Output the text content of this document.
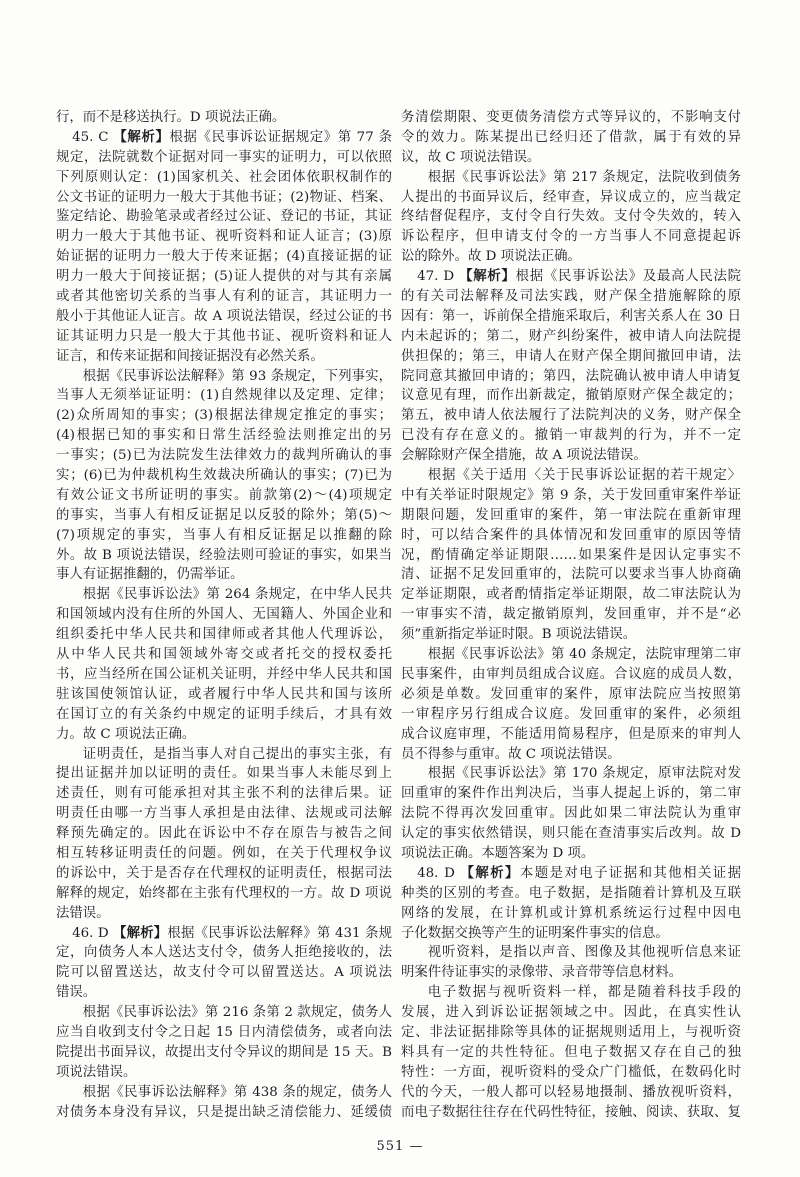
行，而不是移送执行。D 项说法正确。
45. C 【解析】根据《民事诉讼证据规定》第 77 条
规定，法院就数个证据对同一事实的证明力，可以依照
下列原则认定：(1)国家机关、社会团体依职权制作的
公文书证的证明力一般大于其他书证；(2)物证、档案、
鉴定结论、勘验笔录或者经过公证、登记的书证，其证
明力一般大于其他书证、视听资料和证人证言；(3)原
始证据的证明力一般大于传来证据；(4)直接证据的证
明力一般大于间接证据；(5)证人提供的对与其有亲属
或者其他密切关系的当事人有利的证言，其证明力一
般小于其他证人证言。故 A 项说法错误，经过公证的书
证其证明力只是一般大于其他书证、视听资料和证人
证言，和传来证据和间接证据没有必然关系。
根据《民事诉讼法解释》第 93 条规定，下列事实，
当事人无须举证证明：(1)自然规律以及定理、定律；
(2)众所周知的事实；(3)根据法律规定推定的事实；
(4)根据已知的事实和日常生活经验法则推定出的另
一事实；(5)已为法院发生法律效力的裁判所确认的事
实；(6)已为仲裁机构生效裁决所确认的事实；(7)已为
有效公证文书所证明的事实。前款第(2)～(4)项规定
的事实，当事人有相反证据足以反驳的除外；第(5)～
(7)项规定的事实，当事人有相反证据足以推翻的除
外。故 B 项说法错误，经验法则可验证的事实，如果当
事人有证据推翻的，仍需举证。
根据《民事诉讼法》第 264 条规定，在中华人民共
和国领域内没有住所的外国人、无国籍人、外国企业和
组织委托中华人民共和国律师或者其他人代理诉讼，
从中华人民共和国领域外寄交或者托交的授权委托
书，应当经所在国公证机关证明，并经中华人民共和国
驻该国使领馆认证，或者履行中华人民共和国与该所
在国订立的有关条约中规定的证明手续后，才具有效
力。故 C 项说法正确。
证明责任，是指当事人对自己提出的事实主张，有
提出证据并加以证明的责任。如果当事人未能尽到上
述责任，则有可能承担对其主张不利的法律后果。证
明责任由哪一方当事人承担是由法律、法规或司法解
释预先确定的。因此在诉讼中不存在原告与被告之间
相互转移证明责任的问题。例如，在关于代理权争议
的诉讼中，关于是否存在代理权的证明责任，根据司法
解释的规定，始终都在主张有代理权的一方。故 D 项说
法错误。
46. D 【解析】根据《民事诉讼法解释》第 431 条规
定，向债务人本人送达支付令，债务人拒绝接收的，法
院可以留置送达，故支付令可以留置送达。A 项说法
错误。
根据《民事诉讼法》第 216 条第 2 款规定，债务人
应当自收到支付令之日起 15 日内清偿债务，或者向法
院提出书面异议，故提出支付令异议的期间是 15 天。B
项说法错误。
根据《民事诉讼法解释》第 438 条的规定，债务人
对债务本身没有异议，只是提出缺乏清偿能力、延缓债
务清偿期限、变更债务清偿方式等异议的，不影响支付
令的效力。陈某提出已经归还了借款，属于有效的异
议，故 C 项说法错误。
根据《民事诉讼法》第 217 条规定，法院收到债务
人提出的书面异议后，经审查，异议成立的，应当裁定
终结督促程序，支付令自行失效。支付令失效的，转入
诉讼程序，但申请支付令的一方当事人不同意提起诉
讼的除外。故 D 项说法正确。
47. D 【解析】根据《民事诉讼法》及最高人民法院
的有关司法解释及司法实践，财产保全措施解除的原
因有：第一，诉前保全措施采取后，利害关系人在 30 日
内未起诉的；第二，财产纠纷案件，被申请人向法院提
供担保的；第三，申请人在财产保全期间撤回申请，法
院同意其撤回申请的；第四，法院确认被申请人申请复
议意见有理，而作出新裁定，撤销原财产保全裁定的；
第五，被申请人依法履行了法院判决的义务，财产保全
已没有存在意义的。撤销一审裁判的行为，并不一定
会解除财产保全措施，故 A 项说法错误。
根据《关于适用〈关于民事诉讼证据的若干规定〉
中有关举证时限规定》第 9 条，关于发回重审案件举证
期限问题，发回重审的案件，第一审法院在重新审理
时，可以结合案件的具体情况和发回重审的原因等情
况，酌情确定举证期限……如果案件是因认定事实不
清、证据不足发回重审的，法院可以要求当事人协商确
定举证期限，或者酌情指定举证期限，故二审法院认为
一审事实不清，裁定撤销原判，发回重审，并不是“必
须”重新指定举证时限。B 项说法错误。
根据《民事诉讼法》第 40 条规定，法院审理第二审
民事案件，由审判员组成合议庭。合议庭的成员人数，
必须是单数。发回重审的案件，原审法院应当按照第
一审程序另行组成合议庭。发回重审的案件，必须组
成合议庭审理，不能适用简易程序，但是原来的审判人
员不得参与重审。故 C 项说法错误。
根据《民事诉讼法》第 170 条规定，原审法院对发
回重审的案件作出判决后，当事人提起上诉的，第二审
法院不得再次发回重审。因此如果二审法院认为重审
认定的事实依然错误，则只能在查清事实后改判。故 D
项说法正确。本题答案为 D 项。
48. D 【解析】本题是对电子证据和其他相关证据
种类的区别的考查。电子数据，是指随着计算机及互联
网络的发展，在计算机或计算机系统运行过程中因电
子化数据交换等产生的证明案件事实的信息。
视听资料，是指以声音、图像及其他视听信息来证
明案件待证事实的录像带、录音带等信息材料。
电子数据与视听资料一样，都是随着科技手段的
发展，进入到诉讼证据领域之中。因此，在真实性认
定、非法证据排除等具体的证据规则适用上，与视听资
料具有一定的共性特征。但电子数据又存在自己的独
特性：一方面，视听资料的受众广门槛低，在数码化时
代的今天，一般人都可以轻易地摄制、播放视听资料，
而电子数据往往存在代码性特征，接触、阅读、获取、复
551 —
